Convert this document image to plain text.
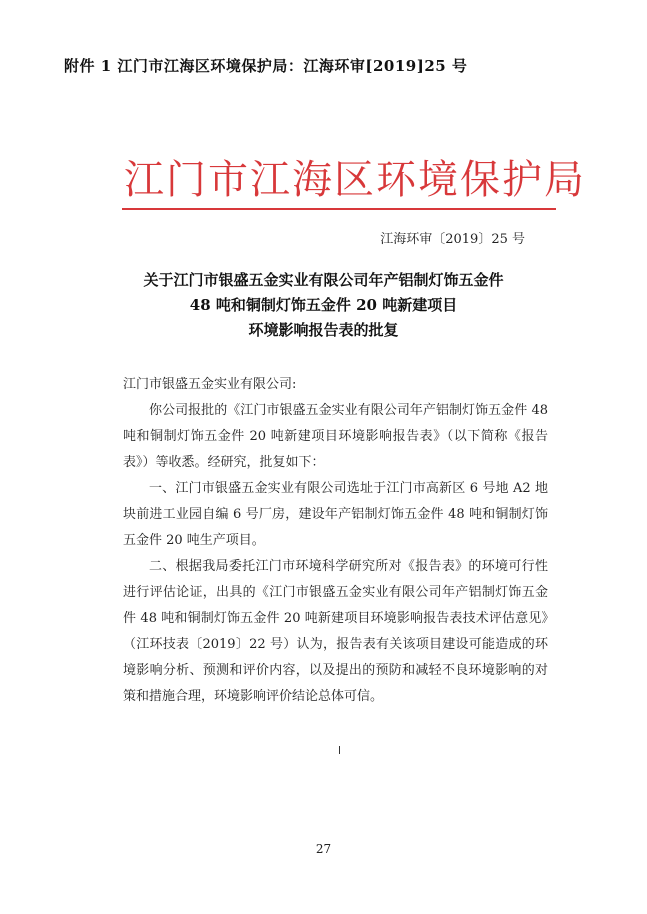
附件 1 江门市江海区环境保护局：江海环审[2019]25 号
江门市江海区环境保护局
江海环审〔2019〕25 号
关于江门市银盛五金实业有限公司年产铝制灯饰五金件
48 吨和铜制灯饰五金件 20 吨新建项目
环境影响报告表的批复

江门市银盛五金实业有限公司:

你公司报批的《江门市银盛五金实业有限公司年产铝制灯饰五金件 48 吨和铜制灯饰五金件 20 吨新建项目环境影响报告表》（以下简称《报告表》）等收悉。经研究，批复如下：

一、江门市银盛五金实业有限公司选址于江门市高新区 6 号地 A2 地块前进工业园自编 6 号厂房，建设年产铝制灯饰五金件 48 吨和铜制灯饰五金件 20 吨生产项目。

二、根据我局委托江门市环境科学研究所对《报告表》的环境可行性进行评估论证，出具的《江门市银盛五金实业有限公司年产铝制灯饰五金件 48 吨和铜制灯饰五金件 20 吨新建项目环境影响报告表技术评估意见》（江环技表〔2019〕22 号）认为，报告表有关该项目建设可能造成的环境影响分析、预测和评价内容，以及提出的预防和减轻不良环境影响的对策和措施合理，环境影响评价结论总体可信。

27
